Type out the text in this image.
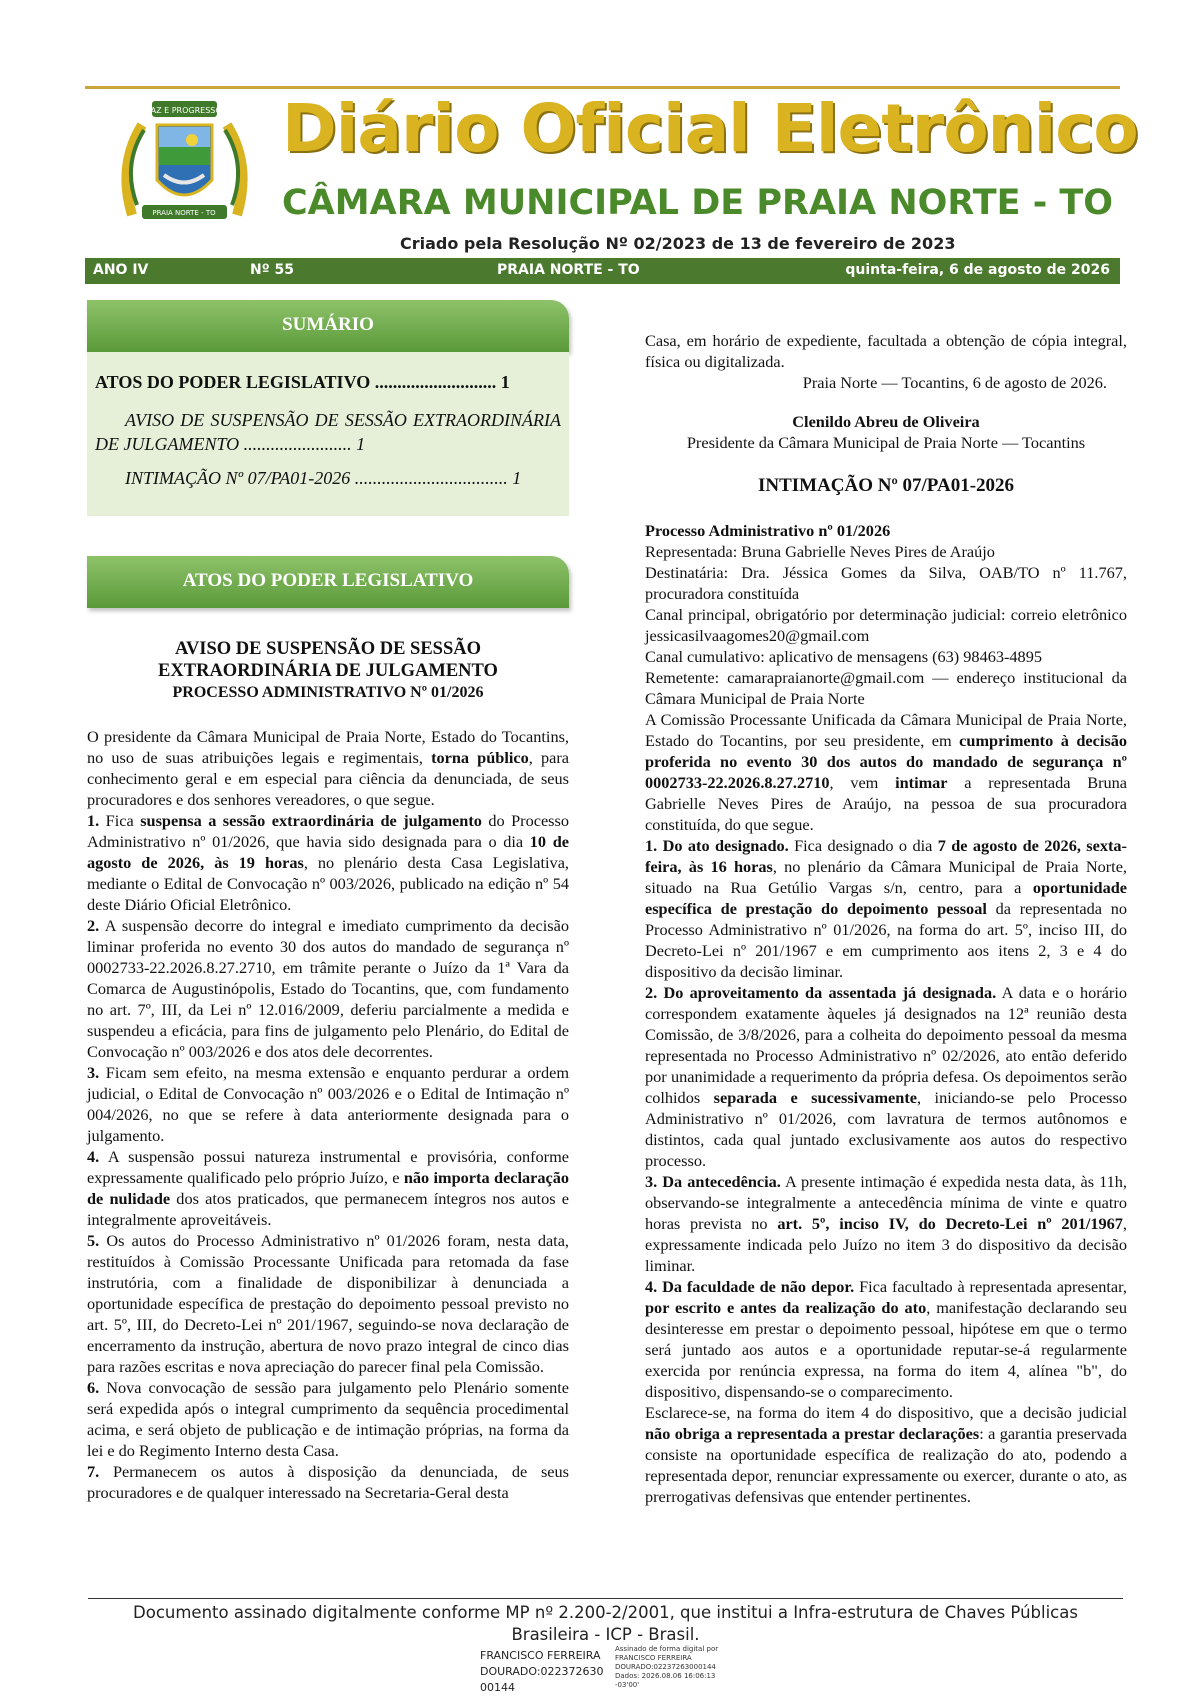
PAZ E PROGRESSO
PRAIA NORTE - TO
Diário Oficial Eletrônico
CÂMARA MUNICIPAL DE PRAIA NORTE - TO
Criado pela Resolução Nº 02/2023 de 13 de fevereiro de 2023
ANO IV	Nº 55	PRAIA NORTE - TO	quinta-feira, 6 de agosto de 2026
SUMÁRIO
ATOS DO PODER LEGISLATIVO ........................... 1
AVISO DE SUSPENSÃO DE SESSÃO EXTRAORDINÁRIA DE JULGAMENTO ........................ 1
INTIMAÇÃO Nº 07/PA01-2026 .................................. 1
ATOS DO PODER LEGISLATIVO
AVISO DE SUSPENSÃO DE SESSÃO
EXTRAORDINÁRIA DE JULGAMENTO
PROCESSO ADMINISTRATIVO Nº 01/2026

O presidente da Câmara Municipal de Praia Norte, Estado do Tocantins, no uso de suas atribuições legais e regimentais, torna público, para conhecimento geral e em especial para ciência da denunciada, de seus procuradores e dos senhores vereadores, o que segue.

1. Fica suspensa a sessão extraordinária de julgamento do Processo Administrativo nº 01/2026, que havia sido designada para o dia 10 de agosto de 2026, às 19 horas, no plenário desta Casa Legislativa, mediante o Edital de Convocação nº 003/2026, publicado na edição nº 54 deste Diário Oficial Eletrônico.

2. A suspensão decorre do integral e imediato cumprimento da decisão liminar proferida no evento 30 dos autos do mandado de segurança nº 0002733-22.2026.8.27.2710, em trâmite perante o Juízo da 1ª Vara da Comarca de Augustinópolis, Estado do Tocantins, que, com fundamento no art. 7º, III, da Lei nº 12.016/2009, deferiu parcialmente a medida e suspendeu a eficácia, para fins de julgamento pelo Plenário, do Edital de Convocação nº 003/2026 e dos atos dele decorrentes.

3. Ficam sem efeito, na mesma extensão e enquanto perdurar a ordem judicial, o Edital de Convocação nº 003/2026 e o Edital de Intimação nº 004/2026, no que se refere à data anteriormente designada para o julgamento.

4. A suspensão possui natureza instrumental e provisória, conforme expressamente qualificado pelo próprio Juízo, e não importa declaração de nulidade dos atos praticados, que permanecem íntegros nos autos e integralmente aproveitáveis.

5. Os autos do Processo Administrativo nº 01/2026 foram, nesta data, restituídos à Comissão Processante Unificada para retomada da fase instrutória, com a finalidade de disponibilizar à denunciada a oportunidade específica de prestação do depoimento pessoal previsto no art. 5º, III, do Decreto-Lei nº 201/1967, seguindo-se nova declaração de encerramento da instrução, abertura de novo prazo integral de cinco dias para razões escritas e nova apreciação do parecer final pela Comissão.

6. Nova convocação de sessão para julgamento pelo Plenário somente será expedida após o integral cumprimento da sequência procedimental acima, e será objeto de publicação e de intimação próprias, na forma da lei e do Regimento Interno desta Casa.

7. Permanecem os autos à disposição da denunciada, de seus procuradores e de qualquer interessado na Secretaria-Geral desta

Casa, em horário de expediente, facultada a obtenção de cópia integral, física ou digitalizada.

Praia Norte — Tocantins, 6 de agosto de 2026.

Clenildo Abreu de Oliveira

Presidente da Câmara Municipal de Praia Norte — Tocantins

INTIMAÇÃO Nº 07/PA01-2026

Processo Administrativo nº 01/2026

Representada: Bruna Gabrielle Neves Pires de Araújo

Destinatária: Dra. Jéssica Gomes da Silva, OAB/TO nº 11.767, procuradora constituída

Canal principal, obrigatório por determinação judicial: correio eletrônico jessicasilvaagomes20@gmail.com

Canal cumulativo: aplicativo de mensagens (63) 98463-4895

Remetente: camarapraianorte@gmail.com — endereço institucional da Câmara Municipal de Praia Norte

A Comissão Processante Unificada da Câmara Municipal de Praia Norte, Estado do Tocantins, por seu presidente, em cumprimento à decisão proferida no evento 30 dos autos do mandado de segurança nº 0002733-22.2026.8.27.2710, vem intimar a representada Bruna Gabrielle Neves Pires de Araújo, na pessoa de sua procuradora constituída, do que segue.

1. Do ato designado. Fica designado o dia 7 de agosto de 2026, sexta-feira, às 16 horas, no plenário da Câmara Municipal de Praia Norte, situado na Rua Getúlio Vargas s/n, centro, para a oportunidade específica de prestação do depoimento pessoal da representada no Processo Administrativo nº 01/2026, na forma do art. 5º, inciso III, do Decreto-Lei nº 201/1967 e em cumprimento aos itens 2, 3 e 4 do dispositivo da decisão liminar.

2. Do aproveitamento da assentada já designada. A data e o horário correspondem exatamente àqueles já designados na 12ª reunião desta Comissão, de 3/8/2026, para a colheita do depoimento pessoal da mesma representada no Processo Administrativo nº 02/2026, ato então deferido por unanimidade a requerimento da própria defesa. Os depoimentos serão colhidos separada e sucessivamente, iniciando-se pelo Processo Administrativo nº 01/2026, com lavratura de termos autônomos e distintos, cada qual juntado exclusivamente aos autos do respectivo processo.

3. Da antecedência. A presente intimação é expedida nesta data, às 11h, observando-se integralmente a antecedência mínima de vinte e quatro horas prevista no art. 5º, inciso IV, do Decreto-Lei nº 201/1967, expressamente indicada pelo Juízo no item 3 do dispositivo da decisão liminar.

4. Da faculdade de não depor. Fica facultado à representada apresentar, por escrito e antes da realização do ato, manifestação declarando seu desinteresse em prestar o depoimento pessoal, hipótese em que o termo será juntado aos autos e a oportunidade reputar-se-á regularmente exercida por renúncia expressa, na forma do item 4, alínea "b", do dispositivo, dispensando-se o comparecimento.

Esclarece-se, na forma do item 4 do dispositivo, que a decisão judicial não obriga a representada a prestar declarações: a garantia preservada consiste na oportunidade específica de realização do ato, podendo a representada depor, renunciar expressamente ou exercer, durante o ato, as prerrogativas defensivas que entender pertinentes.

Documento assinado digitalmente conforme MP nº 2.200-2/2001, que institui a Infra-estrutura de Chaves Públicas
Brasileira - ICP - Brasil.
FRANCISCO FERREIRA
DOURADO:022372630
00144
Assinado de forma digital por FRANCISCO FERREIRA DOURADO:02237263000144 Dados: 2026.08.06 16:06:13 -03'00'
